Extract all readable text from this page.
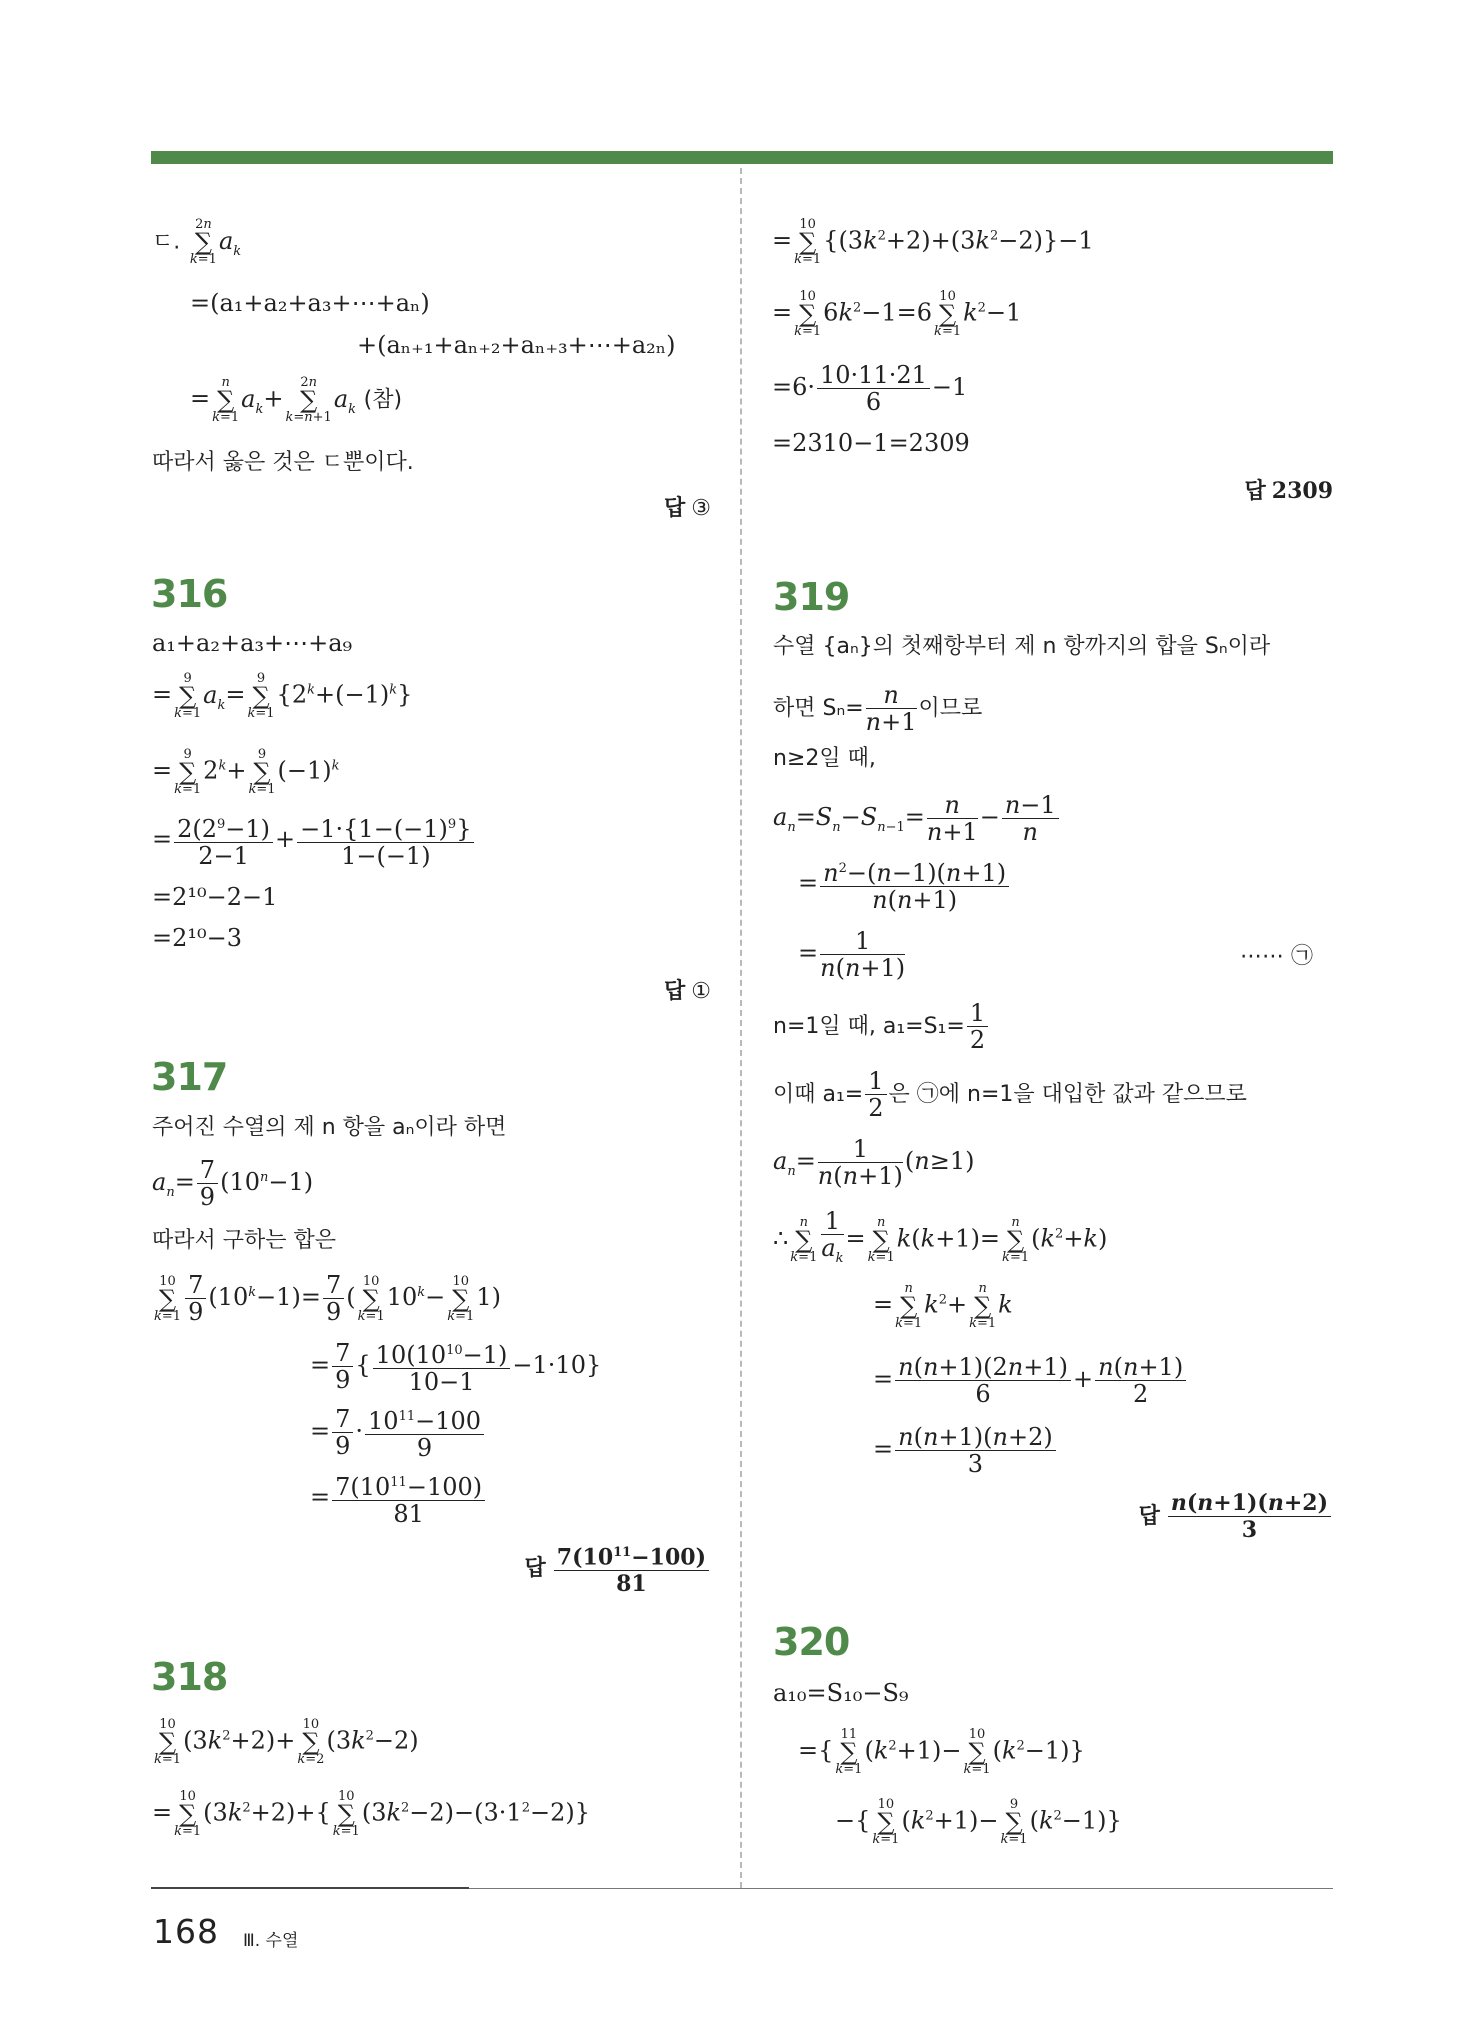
ㄷ. 2n
∑
$k=1a_k$
=(a₁+a₂+a₃+⋯+aₙ)
+(aₙ₊₁+aₙ₊₂+aₙ₊₃+⋯+a₂ₙ)
=n
∑
$k=1a_k+2n$
∑
$k=n+1a_k$ (참)
따라서 옳은 것은 ㄷ뿐이다.
답 ③
316
a₁+a₂+a₃+⋯+a₉
=9
∑
$k=1a_k=9$
∑
$k=1\{2^k+(-1)^k\}$
=9
∑
$k=12^k+9$
∑
$k=1(-1)^k$
= $\frac{2(2^9-1)}{2-1} + \frac{-1\cdot\{1-(-1)^9\}}{1-(-1)}$
=2¹⁰−2−1
=2¹⁰−3
답 ①
317
주어진 수열의 제 n 항을 aₙ이라 하면
$a_n= \frac{7}{9} (10^n-1)$
따라서 구하는 합은
10
∑
$k=1 \frac{7}{9} (10^k-1)= \frac{7}{9} (10$
∑
$k=110^k-10$
∑
k=11)
= $\frac{7}{9}$ { $\frac{10(10^{10}-1)}{10-1} -1\cdot 10$}
= $\frac{7}{9} \cdot \frac{10^{11}-100}{9}$
= $\frac{7(10^{11}-100)}{81}$
답 $\frac{7(10^{11}-100)}{81}$
318
10
∑
$k=1(3k^2+2)+10$
∑
$k=2(3k^2-2)$
=10
∑
$k=1(3k^2+2)+\{10$
∑
$k=1(3k^2-2)-(3\cdot 1^2-2)$}
=10
∑
$k=1\{(3k^2+2)+(3k^2-2)\}-1$
=10
∑
$k=16k^2-1=610$
∑
$k=1k^2-1$
$=6\cdot \frac{10\cdot 11\cdot 21}{6} -1$
=2310−1=2309
답 2309
319
수열 {aₙ}의 첫째항부터 제 n 항까지의 합을 Sₙ이라
하면 $S_n= \frac{n}{n+1}$ 이므로
n≥2일 때,
$a_n=S_n-S_{n-1}= \frac{n}{n+1} - \frac{n-1}{n}$
= $\frac{n^2-(n-1)(n+1)}{n(n+1)}$
= $\frac{1}{n(n+1)}$	⋯⋯ ㉠
n=1일 때, $a_1=S_1= \frac{1}{2}$
이때 $a_1= \frac{1}{2}$ 은 ㉠에 n=1을 대입한 값과 같으므로
$a_n= \frac{1}{n(n+1)} (n\ge 1)$
∴n
∑
$k=1 \frac{1}{a_k} =n$
∑
k=1k(k+1)=n
∑
$k=1(k^2+k)$
=n
∑
$k=1k^2+n$
∑
k=1k
= $\frac{n(n+1)(2n+1)}{6} + \frac{n(n+1)}{2}$
= $\frac{n(n+1)(n+2)}{3}$
답 $\frac{n(n+1)(n+2)}{3}$
320
a₁₀=S₁₀−S₉
={11
∑
$k=1(k^2+1)-10$
∑
$k=1(k^2-1)$}
−{10
∑
$k=1(k^2+1)-9$
∑
$k=1(k^2-1)$}
168 Ⅲ. 수열
